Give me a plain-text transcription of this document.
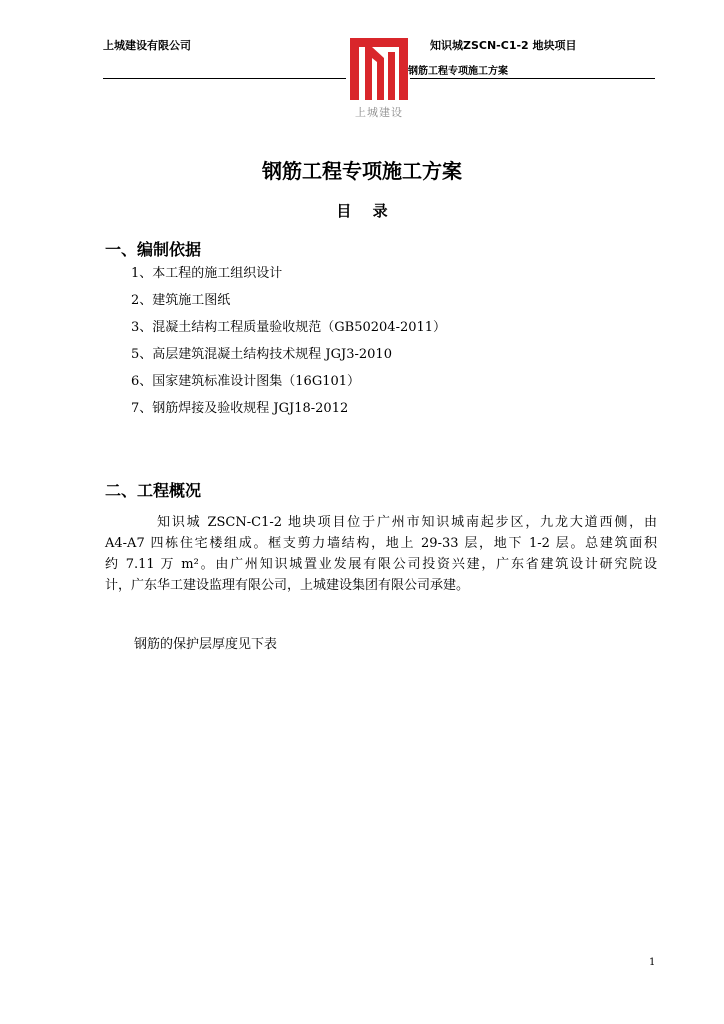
上城建设有限公司	知识城ZSCN-C1-2 地块项目
钢筋工程专项施工方案
上城建设
钢筋工程专项施工方案
目 录
一、编制依据
1、本工程的施工组织设计
2、建筑施工图纸
3、混凝土结构工程质量验收规范（GB50204-2011）
5、高层建筑混凝土结构技术规程 JGJ3-2010
6、国家建筑标准设计图集（16G101）
7、钢筋焊接及验收规程 JGJ18-2012
二、工程概况
知识城 ZSCN-C1-2 地块项目位于广州市知识城南起步区，九龙大道西侧，由
A4-A7 四栋住宅楼组成。框支剪力墙结构，地上 29-33 层，地下 1-2 层。总建筑面积
约 7.11 万 m²。由广州知识城置业发展有限公司投资兴建，广东省建筑设计研究院设
计，广东华工建设监理有限公司，上城建设集团有限公司承建。
钢筋的保护层厚度见下表
1
